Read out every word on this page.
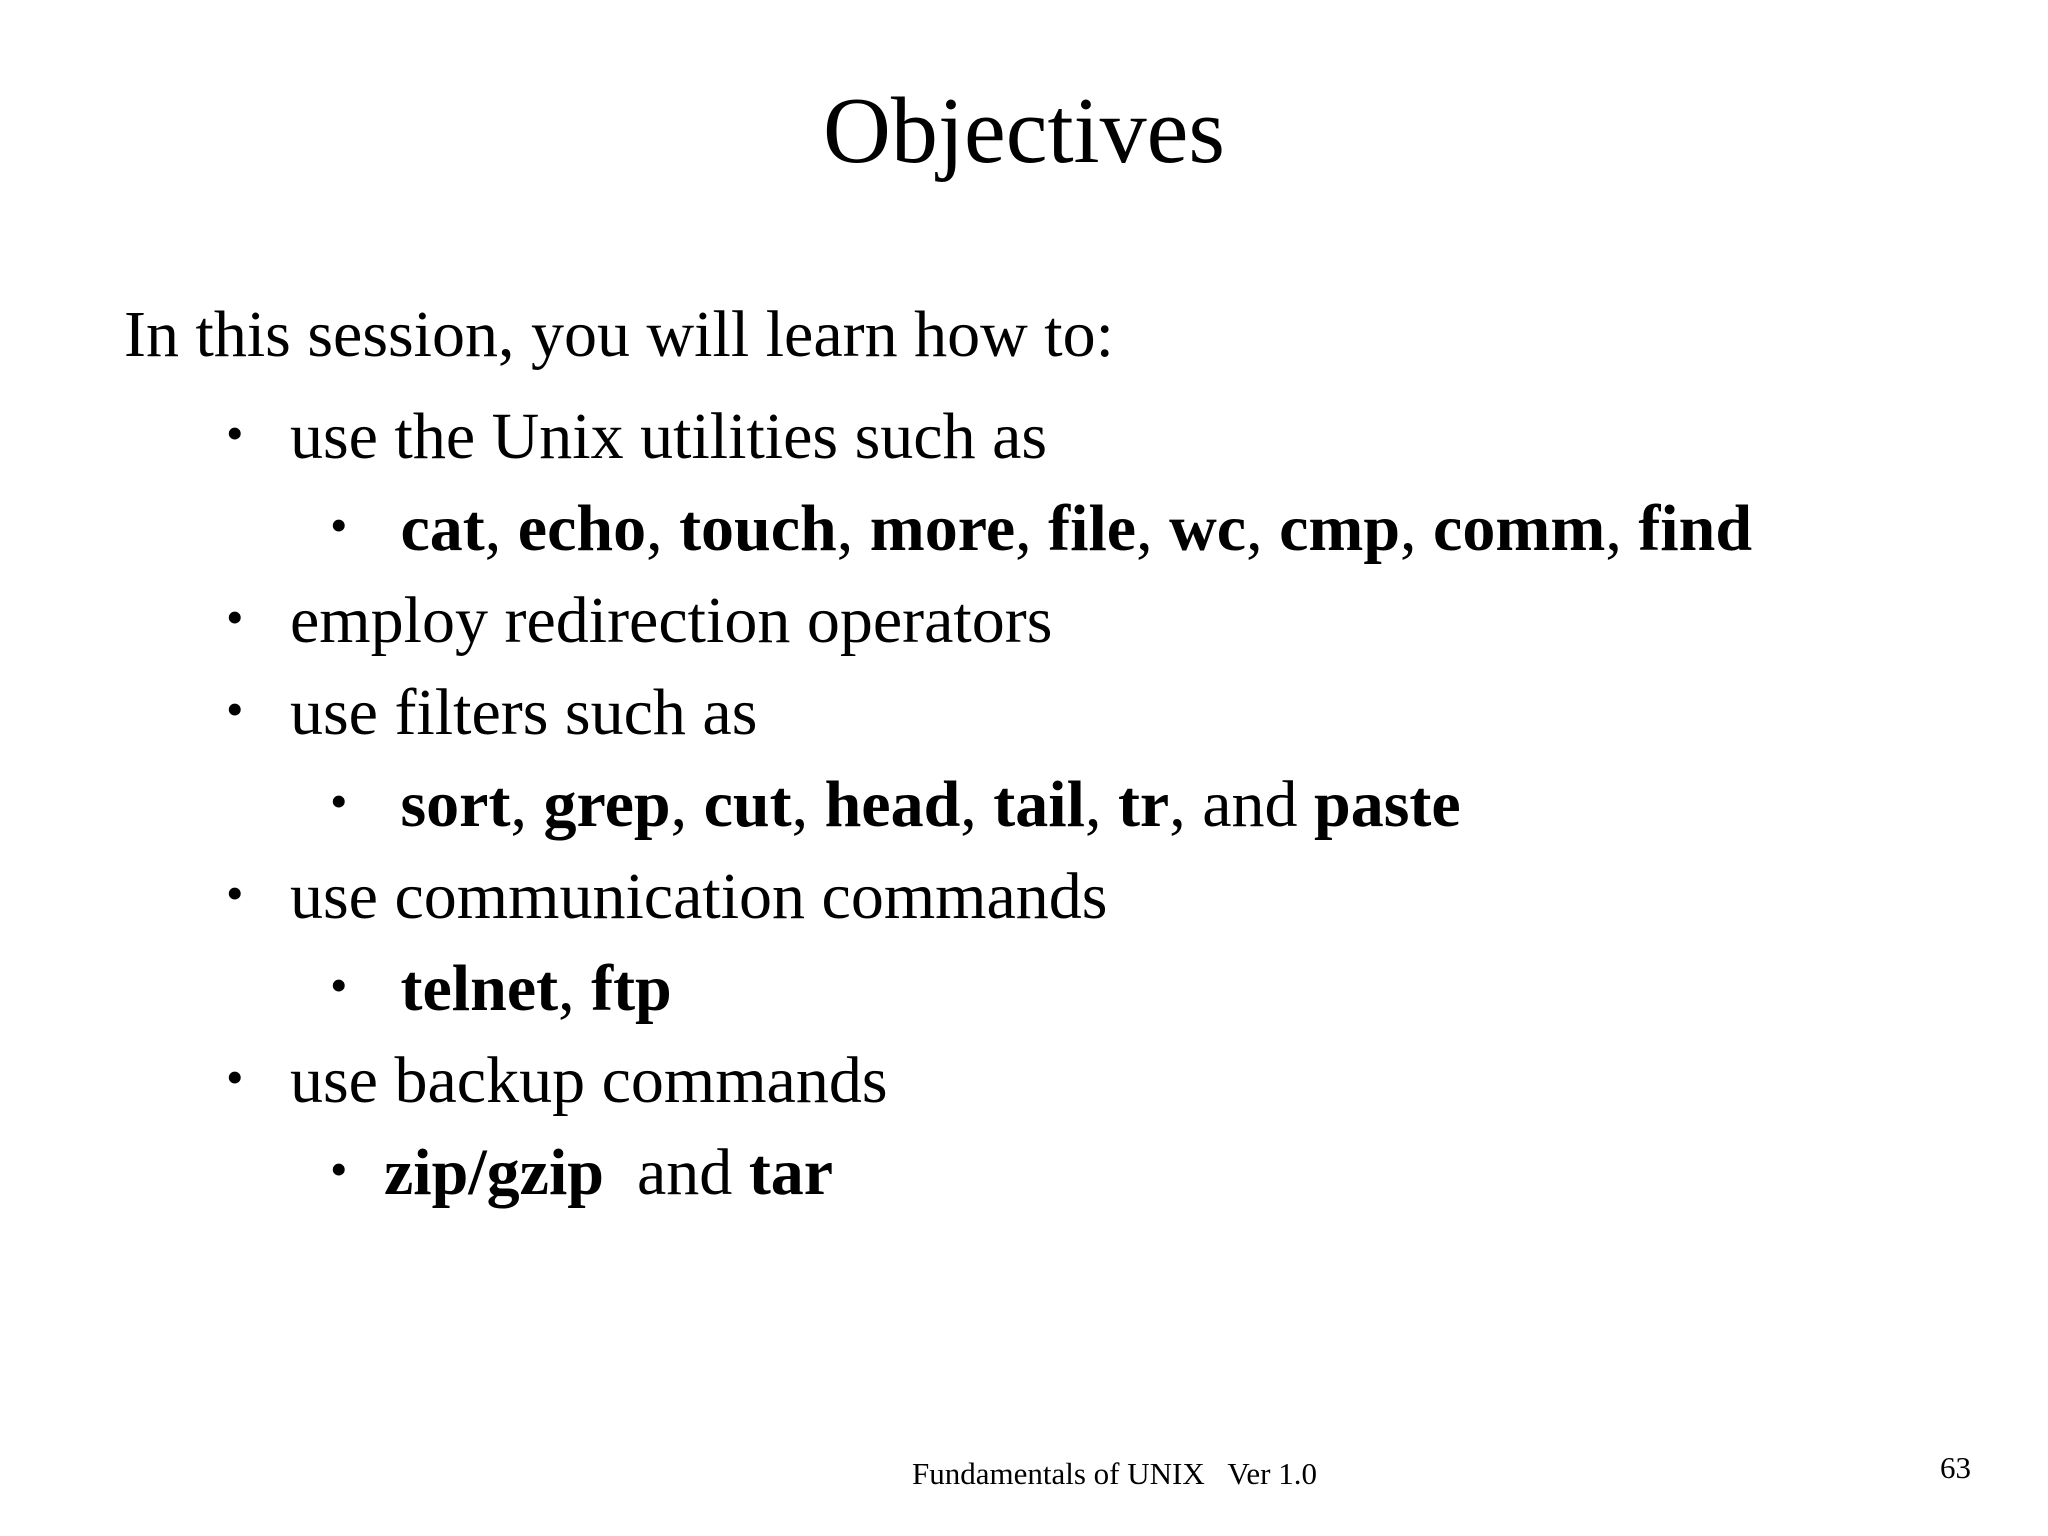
Objectives

In this session, you will learn how to:

• use the Unix utilities such as
• cat, echo, touch, more, file, wc, cmp, comm, find
• employ redirection operators
• use filters such as
• sort, grep, cut, head, tail, tr, and paste
• use communication commands
• telnet, ftp
• use backup commands
• zip/gzip  and tar
Fundamentals of UNIX   Ver 1.0	63
